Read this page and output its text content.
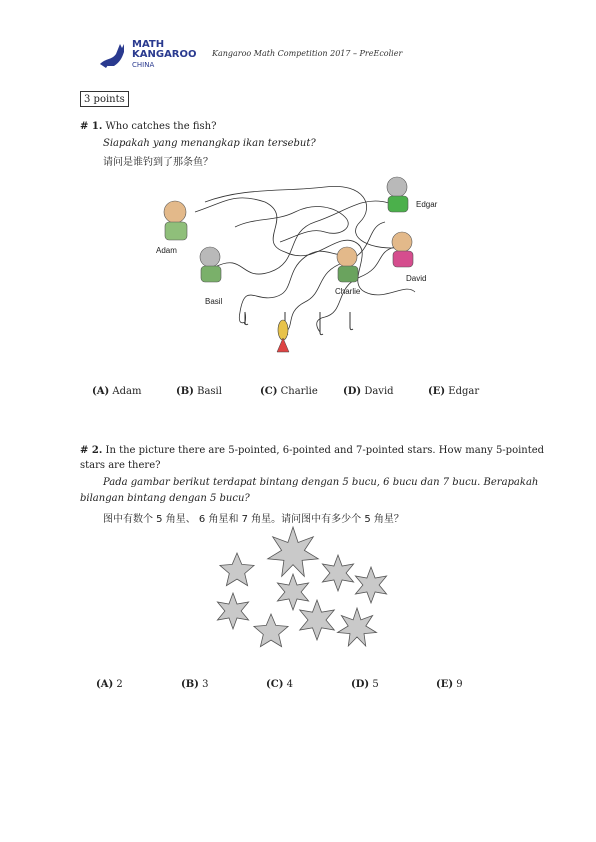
MATH
KANGAROO
CHINA
Kangaroo Math Competition 2017 – PreEcolier
3 points
# 1. Who catches the fish?
Siapakah yang menangkap ikan tersebut?
请问是谁钓到了那条鱼？
Adam
Basil
Charlie
David
Edgar
(A) Adam	(B) Basil	(C) Charlie	(D) David	(E) Edgar
# 2. In the picture there are 5-pointed, 6-pointed and 7-pointed stars. How many 5-pointed
stars are there?
Pada gambar berikut terdapat bintang dengan 5 bucu, 6 bucu dan 7 bucu. Berapakah
bilangan bintang dengan 5 bucu?
图中有数个 5 角星、 6 角星和 7 角星。请问图中有多少个 5 角星？
(A) 2	(B) 3	(C) 4	(D) 5	(E) 9
